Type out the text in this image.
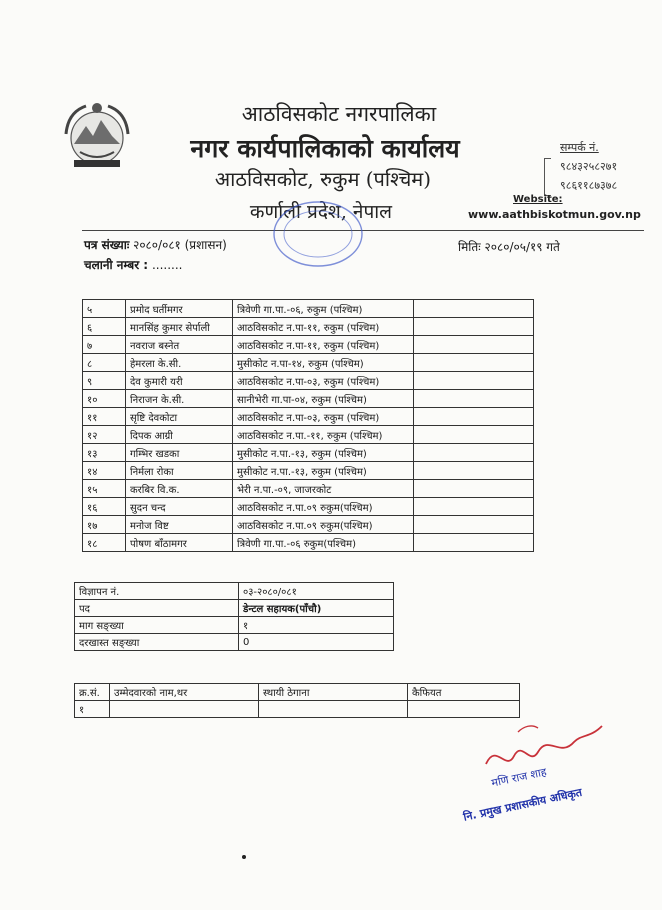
आठविसकोट नगरपालिका
नगर कार्यपालिकाको कार्यालय
आठविसकोट, रुकुम (पश्चिम)
कर्णाली प्रदेश, नेपाल
सम्पर्क नं.
९८४३२५८२७१
९८६११८७३७८
Website:
www.aathbiskotmun.gov.np
पत्र संख्याः २०८०/०८१ (प्रशासन)
चलानी नम्बर : ........
मितिः २०८०/०५/१९ गते
५	प्रमोद घर्तीमगर	त्रिवेणी गा.पा.-०६, रुकुम (पश्चिम)	
६	मानसिंह कुमार सेर्पाली	आठविसकोट न.पा-११, रुकुम (पश्चिम)	
७	नवराज बस्नेत	आठविसकोट न.पा-११, रुकुम (पश्चिम)	
८	हेमरला के.सी.	मुसीकोट न.पा-१४, रुकुम (पश्चिम)	
९	देव कुमारी यरी	आठविसकोट न.पा-०३, रुकुम (पश्चिम)	
१०	निराजन के.सी.	सानीभेरी गा.पा-०४, रुकुम (पश्चिम)	
११	सृष्टि देवकोटा	आठविसकोट न.पा-०३, रुकुम (पश्चिम)	
१२	दिपक आग्री	आठविसकोट न.पा.-११, रुकुम (पश्चिम)	
१३	गम्भिर खडका	मुसीकोट न.पा.-१३, रुकुम (पश्चिम)	
१४	निर्मला रोका	मुसीकोट न.पा.-१३, रुकुम (पश्चिम)	
१५	करबिर वि.क.	भेरी न.पा.-०९, जाजरकोट	
१६	सुदन चन्द	आठविसकोट न.पा.०९ रुकुम(पश्चिम)	
१७	मनोज विष्ट	आठविसकोट न.पा.०९ रुकुम(पश्चिम)	
१८	पोषण बाँठामगर	त्रिवेणी गा.पा.-०६ रुकुम(पश्चिम)	
विज्ञापन नं.	०३-२०८०/०८१
पद	डेन्टल सहायक(पाँचौ)
माग सङ्ख्या	१
दरखास्त सङ्ख्या	0
क्र.सं.	उम्मेदवारको नाम,थर	स्थायी ठेगाना	कैफियत
१			
मणि राज शाह
नि. प्रमुख प्रशासकीय अधिकृत
